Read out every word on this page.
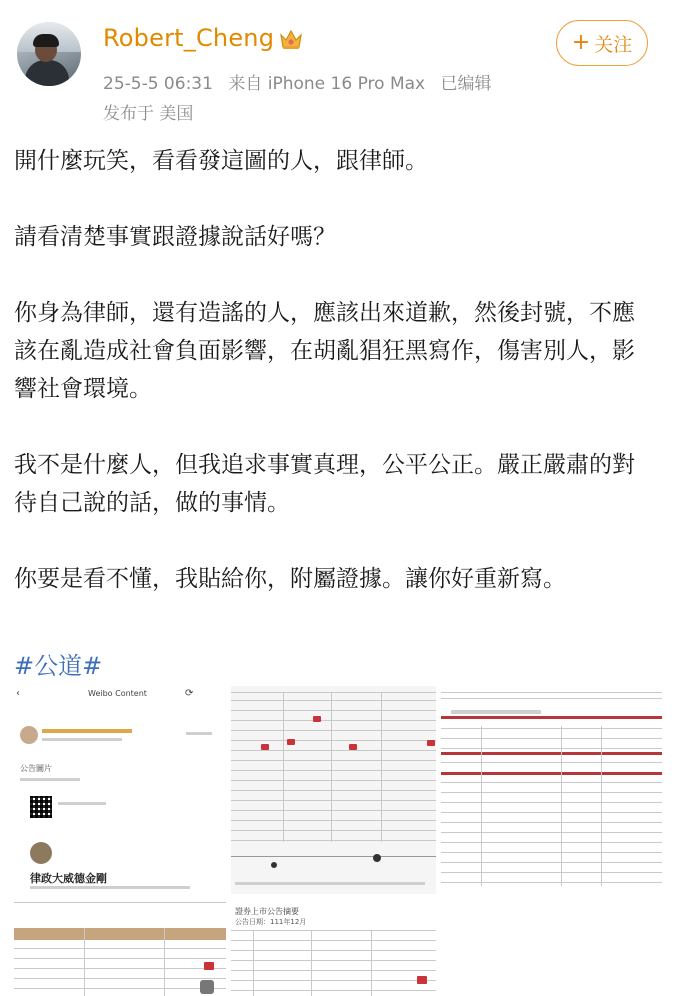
Robert_Cheng
25-5-5 06:31 来自 iPhone 16 Pro Max 已编辑
发布于 美国
+ 关注

開什麼玩笑，看看發這圖的人，跟律師。

請看清楚事實跟證據說話好嗎？

你身為律師，還有造謠的人，應該出來道歉，然後封號，不應該在亂造成社會負面影響，在胡亂猖狂黑寫作，傷害別人，影響社會環境。

我不是什麼人，但我追求事實真理，公平公正。嚴正嚴肅的對待自己說的話，做的事情。

你要是看不懂，我貼給你，附屬證據。讓你好重新寫。

#公道#
‹	Weibo Content	⟳
公告圖片
律政大威德金剛
證券上市公告摘要
公告日期：111年12月
